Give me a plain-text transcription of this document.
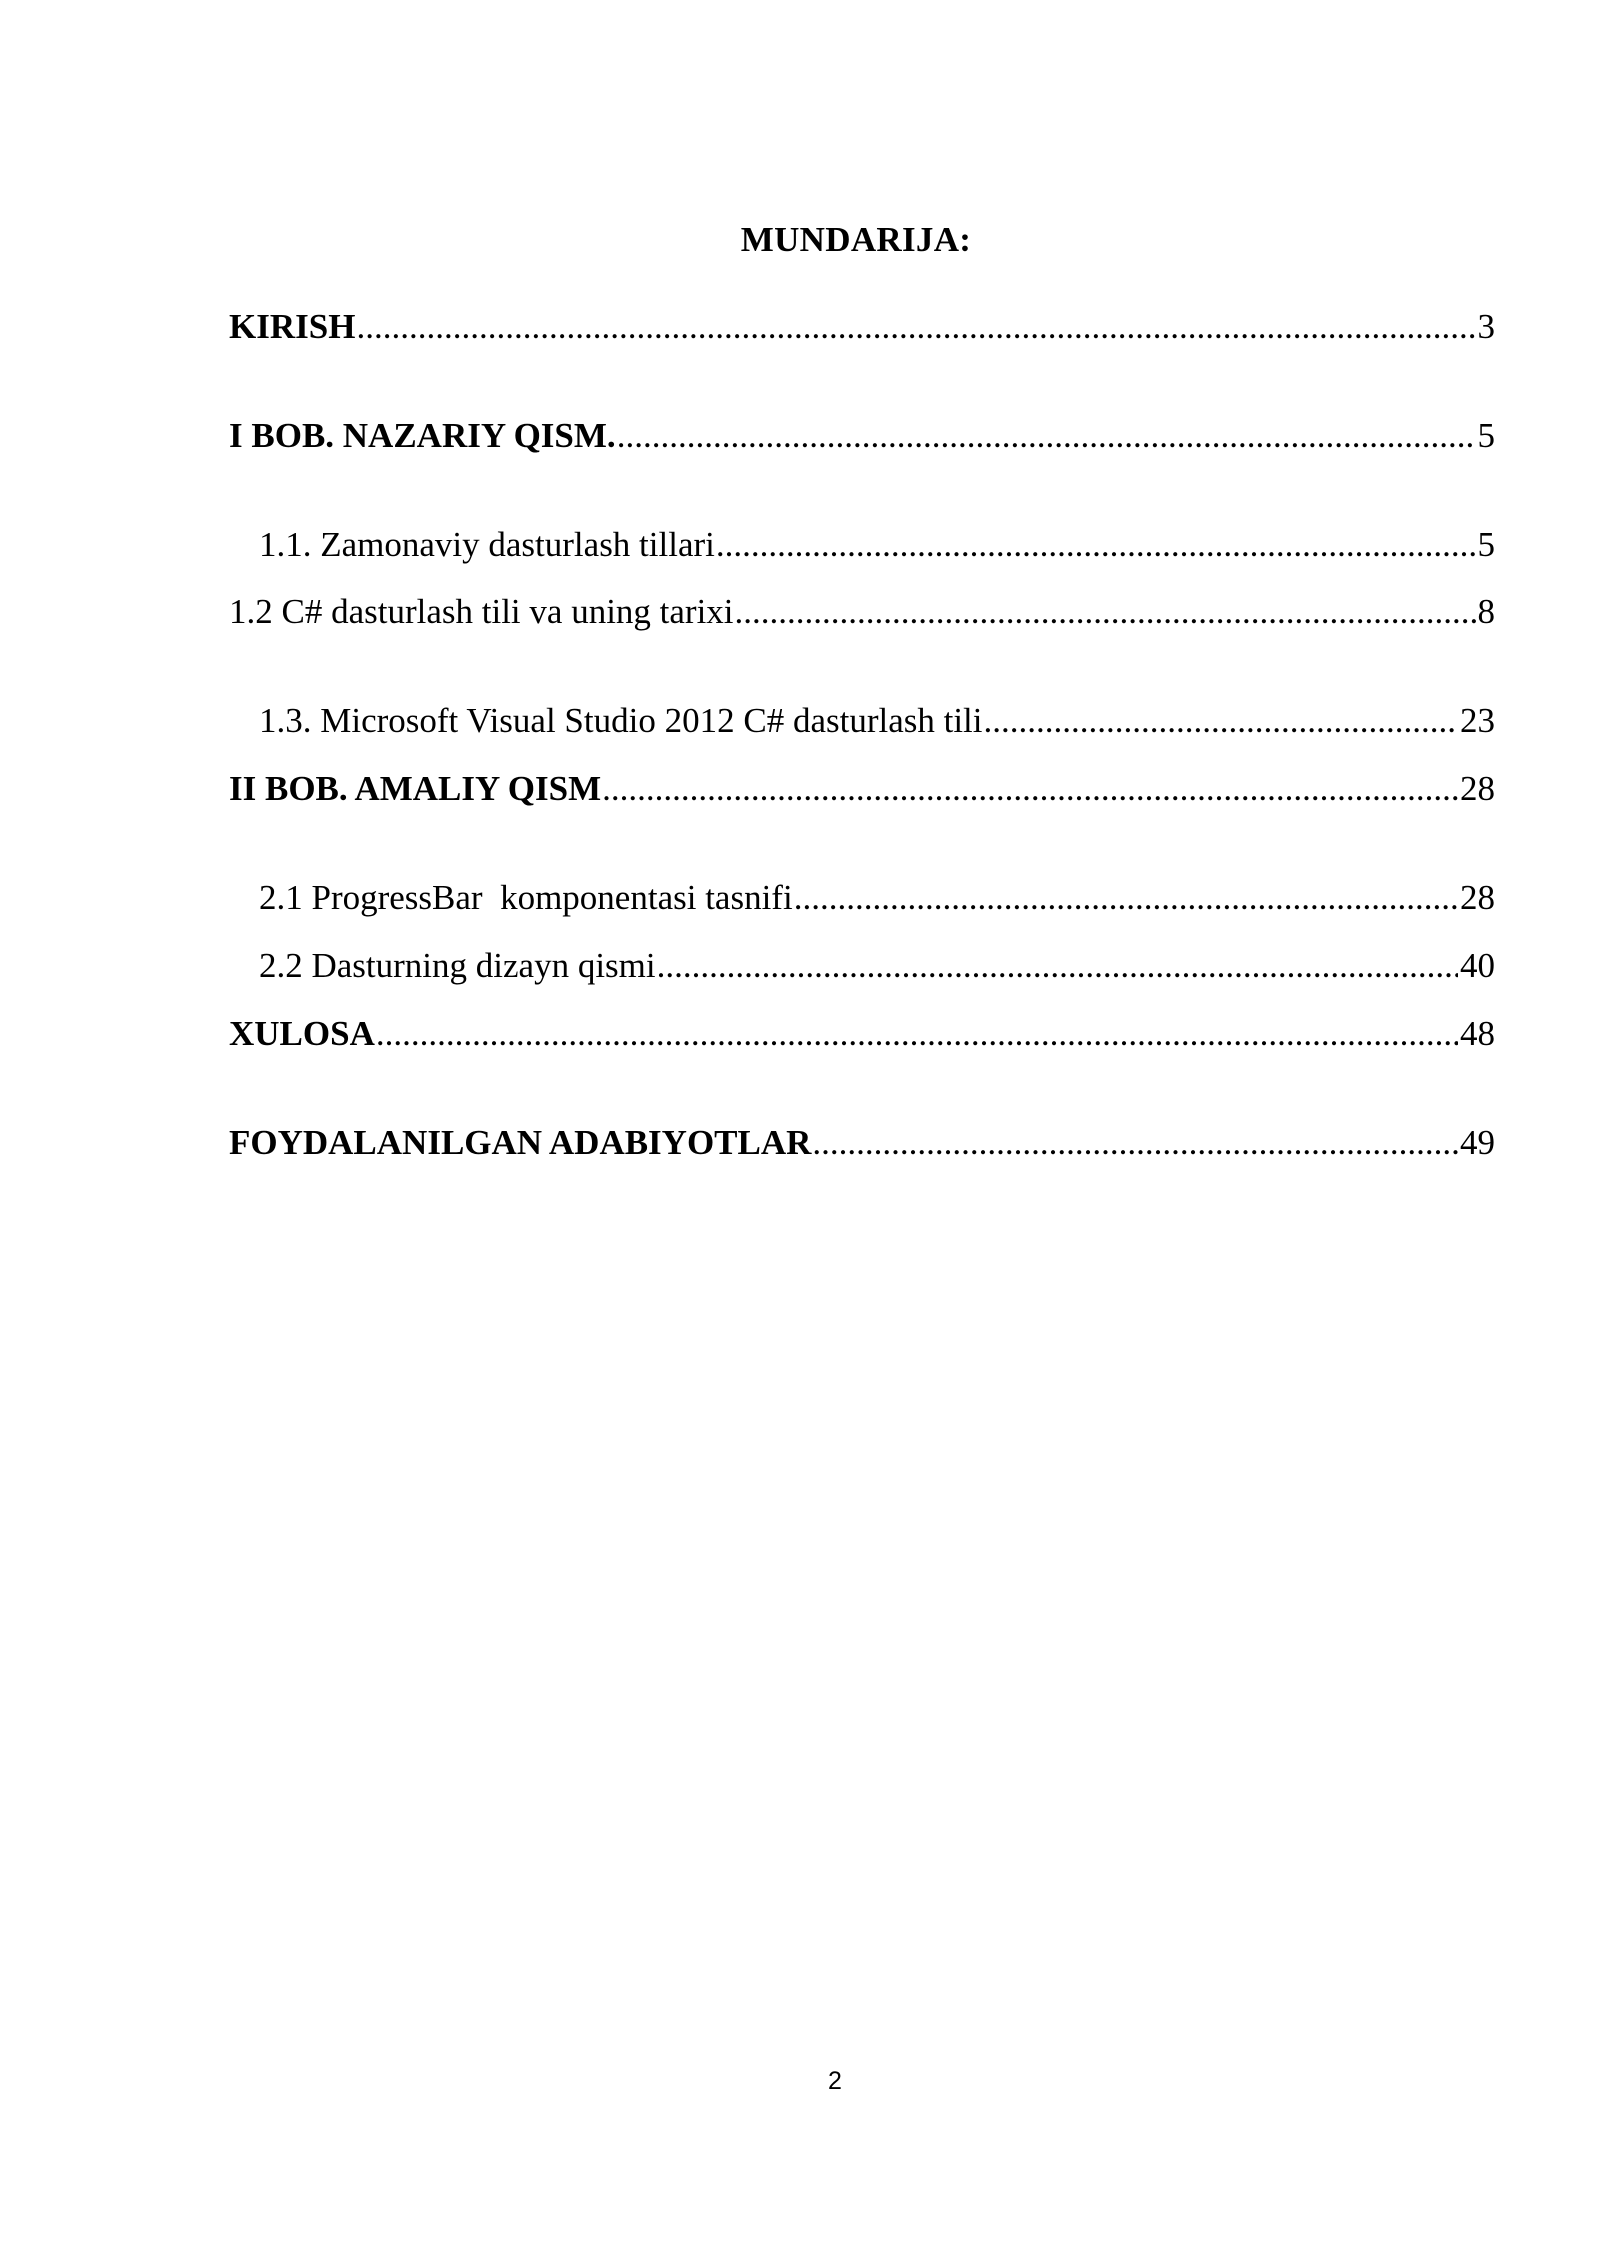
MUNDARIJA:
KIRISH .....	3
I BOB. NAZARIY QISM. .....	5
1.1. Zamonaviy dasturlash tillari .....	5
1.2 C# dasturlash tili va uning tarixi .....	8
1.3. Microsoft Visual Studio 2012 C# dasturlash tili .....	23
II BOB. AMALIY QISM .....	28
2.1 ProgressBar  komponentasi tasnifi .....	28
2.2 Dasturning dizayn qismi .....	40
XULOSA .....	48
FOYDALANILGAN ADABIYOTLAR .....	49
2
